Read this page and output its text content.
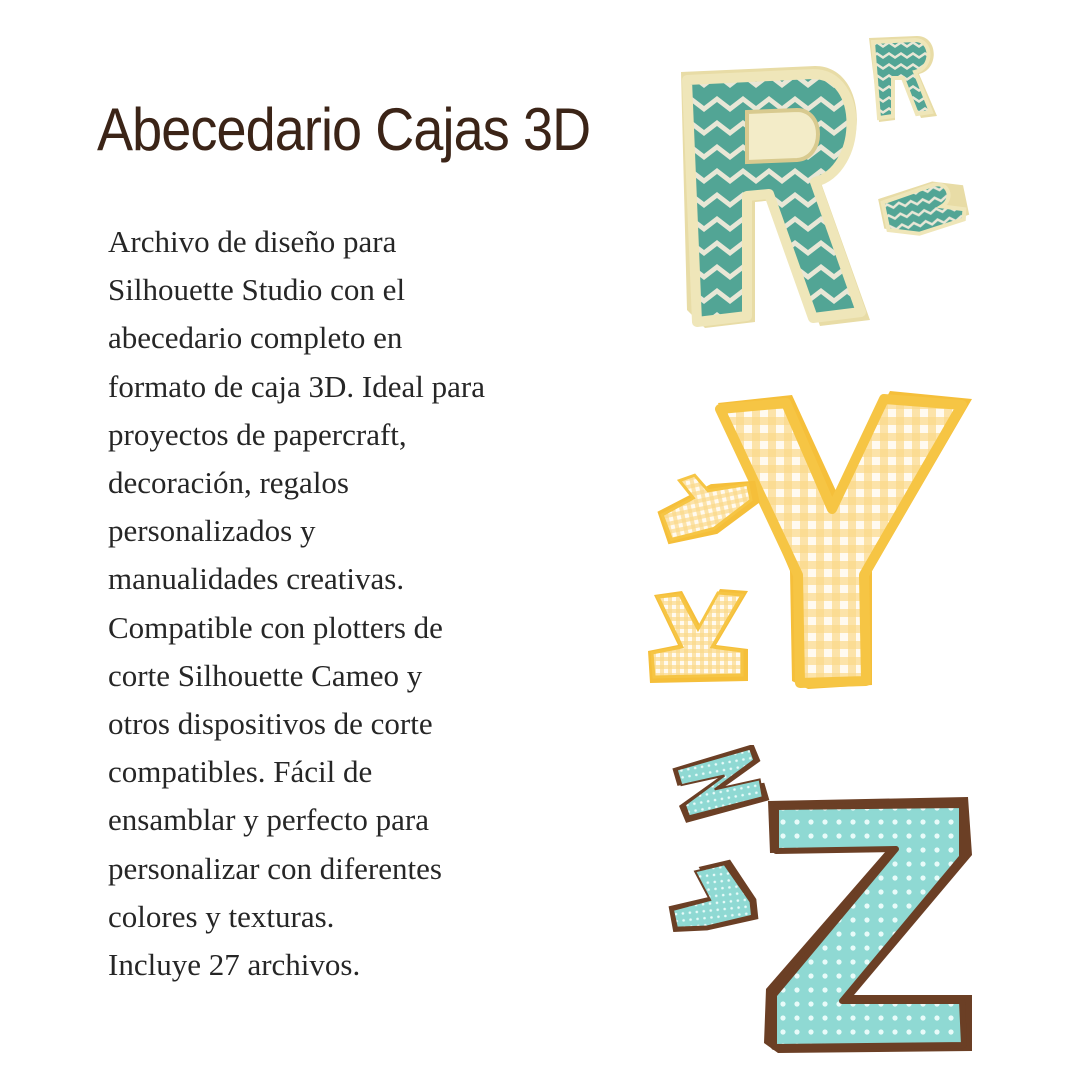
Abecedario Cajas 3D
Archivo de diseño para
Silhouette Studio con el
abecedario completo en
formato de caja 3D. Ideal para
proyectos de papercraft,
decoración, regalos
personalizados y
manualidades creativas.
Compatible con plotters de
corte Silhouette Cameo y
otros dispositivos de corte
compatibles. Fácil de
ensamblar y perfecto para
personalizar con diferentes
colores y texturas.
Incluye 27 archivos.
